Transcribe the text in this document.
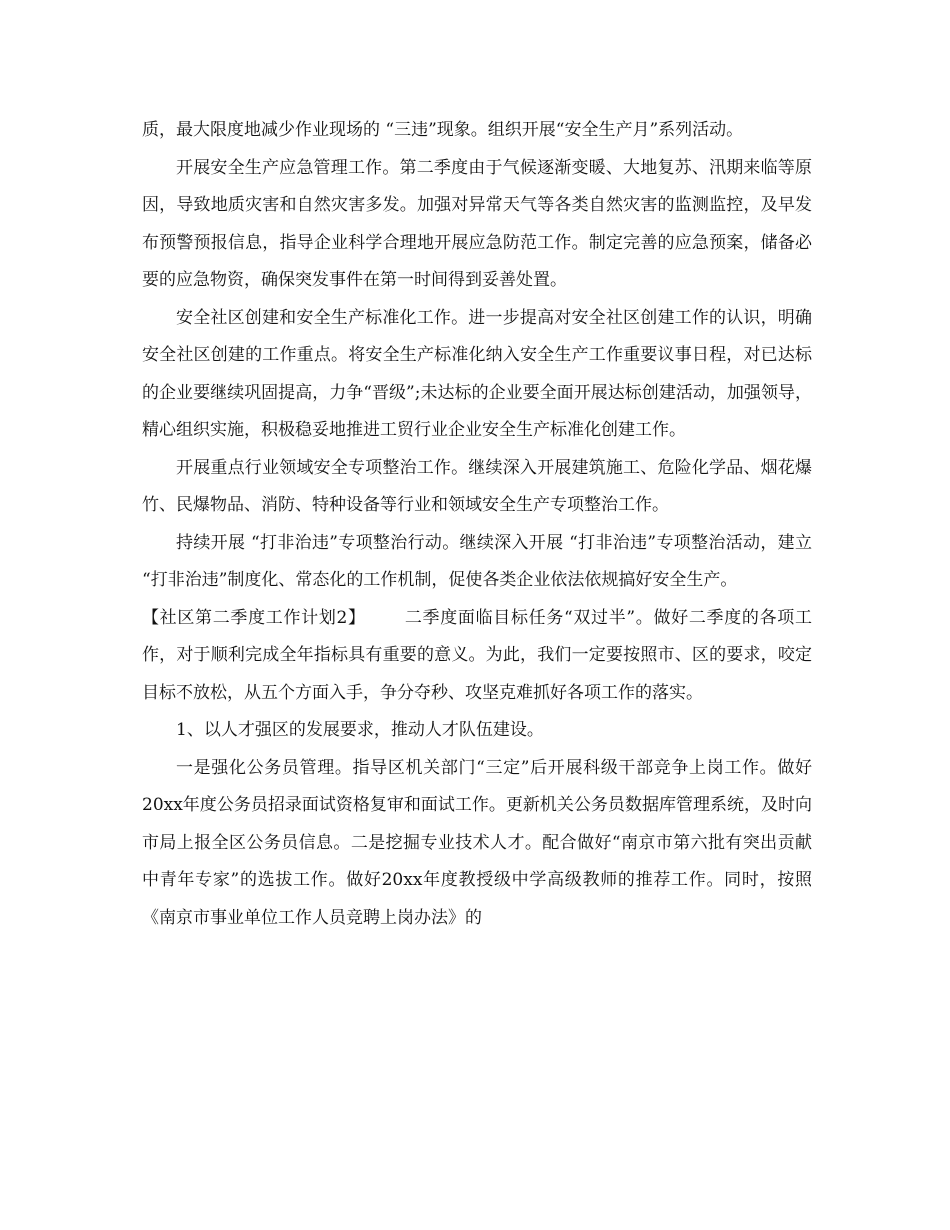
质，最大限度地减少作业现场的 “三违”现象。组织开展“安全生产月”系列活动。

开展安全生产应急管理工作。第二季度由于气候逐渐变暖、大地复苏、汛期来临等原因，导致地质灾害和自然灾害多发。加强对异常天气等各类自然灾害的监测监控，及早发布预警预报信息，指导企业科学合理地开展应急防范工作。制定完善的应急预案，储备必要的应急物资，确保突发事件在第一时间得到妥善处置。

安全社区创建和安全生产标准化工作。进一步提高对安全社区创建工作的认识，明确安全社区创建的工作重点。将安全生产标准化纳入安全生产工作重要议事日程，对已达标的企业要继续巩固提高，力争“晋级”;未达标的企业要全面开展达标创建活动，加强领导，精心组织实施，积极稳妥地推进工贸行业企业安全生产标准化创建工作。

开展重点行业领域安全专项整治工作。继续深入开展建筑施工、危险化学品、烟花爆竹、民爆物品、消防、特种设备等行业和领域安全生产专项整治工作。

持续开展 “打非治违”专项整治行动。继续深入开展 “打非治违”专项整治活动，建立 “打非治违”制度化、常态化的工作机制，促使各类企业依法依规搞好安全生产。

【社区第二季度工作计划2】 二季度面临目标任务“双过半”。做好二季度的各项工作，对于顺利完成全年指标具有重要的意义。为此，我们一定要按照市、区的要求，咬定目标不放松，从五个方面入手，争分夺秒、攻坚克难抓好各项工作的落实。

1、以人才强区的发展要求，推动人才队伍建设。

一是强化公务员管理。指导区机关部门“三定”后开展科级干部竞争上岗工作。做好20xx年度公务员招录面试资格复审和面试工作。更新机关公务员数据库管理系统，及时向市局上报全区公务员信息。二是挖掘专业技术人才。配合做好“南京市第六批有突出贡献中青年专家”的选拔工作。做好20xx年度教授级中学高级教师的推荐工作。同时，按照《南京市事业单位工作人员竞聘上岗办法》的
